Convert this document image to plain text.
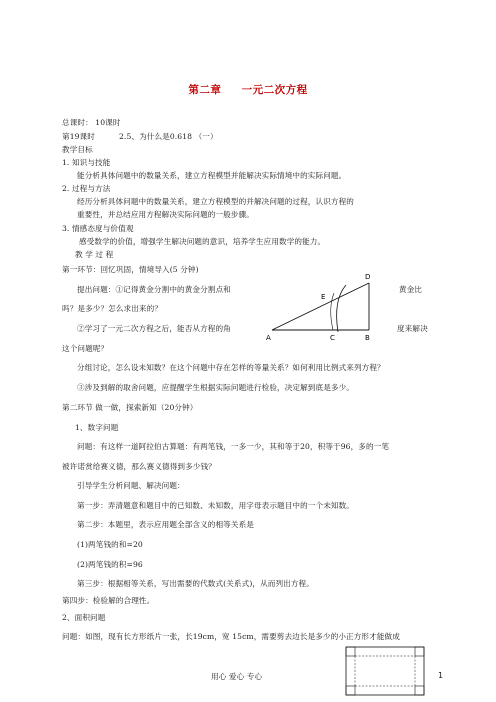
第二章 一元二次方程
总课时： 10课时
第19课时	2.5、为什么是0.618 （一）
教学目标
1. 知识与技能
能分析具体问题中的数量关系，建立方程模型并能解决实际情境中的实际问题。
2. 过程与方法
经历分析具体问题中的数量关系，建立方程模型的并解决问题的过程，认识方程的
重要性，并总结应用方程解决实际问题的一般步骤。
3. 情感态度与价值观
感受数学的价值，增强学生解决问题的意识，培养学生应用数学的能力。
教 学 过 程
第一环节：回忆巩固，情境导入(5 分钟)
提出问题：①记得黄金分割中的黄金分割点和	黄金比
吗？是多少？怎么求出来的？
②学习了一元二次方程之后，能否从方程的角	度来解决
这个问题呢？
分组讨论，怎么设未知数？在这个问题中存在怎样的等量关系？如何利用比例式来列方程？
③涉及到解的取舍问题，应提醒学生根据实际问题进行检验，决定解到底是多少。
D
E
A	C	B
第二环节 做一做，探索新知（20分钟）
1、数字问题
问题：有这样一道阿拉伯古算题：有两笔钱，一多一少，其和等于20，积等于96，多的一笔
被许诺赏给赛义德，那么赛义德得到多少钱？
引导学生分析问题、解决问题：
第一步：弄清题意和题目中的已知数、未知数，用字母表示题目中的一个未知数。
第二步：本题里，表示应用题全部含义的相等关系是
(1)两笔钱的和=20
(2)两笔钱的积=96
第三步：根据相等关系，写出需要的代数式(关系式)，从而列出方程。
第四步：检验解的合理性。
2、面积问题
问题：如图，现有长方形纸片一张，长19cm，宽 15cm，需要剪去边长是多少的小正方形才能做成
用心 爱心 专心	1
